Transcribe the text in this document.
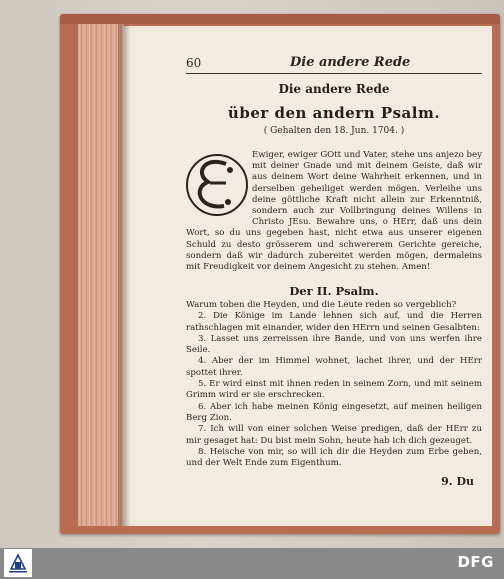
60	Die andere Rede
Die andere Rede
über den andern Psalm.
( Gehalten den 18. Jun. 1704. )
Ewiger, ewiger GOtt und Vater, stehe uns anjezo bey mit deiner Gnade und mit deinem Geiste, daß wir aus deinem Wort deine Wahrheit erkennen, und in derselben geheiliget werden mögen. Verleihe uns deine göttliche Kraft nicht allein zur Erkenntniß, sondern auch zur Vollbringung deines Willens in Christo JEsu. Bewahre uns, o HErr, daß uns dein Wort, so du uns gegeben hast, nicht etwa aus unserer eigenen Schuld zu desto grösserem und schwererem Gerichte gereiche, sondern daß wir dadurch zubereitet werden mögen, dermaleins mit Freudigkeit vor deinem Angesicht zu stehen. Amen!
Der II. Psalm.

Warum toben die Heyden, und die Leute reden so vergeblich?

2. Die Könige im Lande lehnen sich auf, und die Herren rathschlagen mit einander, wider den HErrn und seinen Gesalbten:

3. Lasset uns zerreissen ihre Bande, und von uns werfen ihre Seile.

4. Aber der im Himmel wohnet, lachet ihrer, und der HErr spottet ihrer.

5. Er wird einst mit ihnen reden in seinem Zorn, und mit seinem Grimm wird er sie erschrecken.

6. Aber ich habe meinen König eingesetzt, auf meinen heiligen Berg Zion.

7. Ich will von einer solchen Weise predigen, daß der HErr zu mir gesaget hat: Du bist mein Sohn, heute hab ich dich gezeuget.

8. Heische von mir, so will ich dir die Heyden zum Erbe geben, und der Welt Ende zum Eigenthum.

9. Du
DFG
